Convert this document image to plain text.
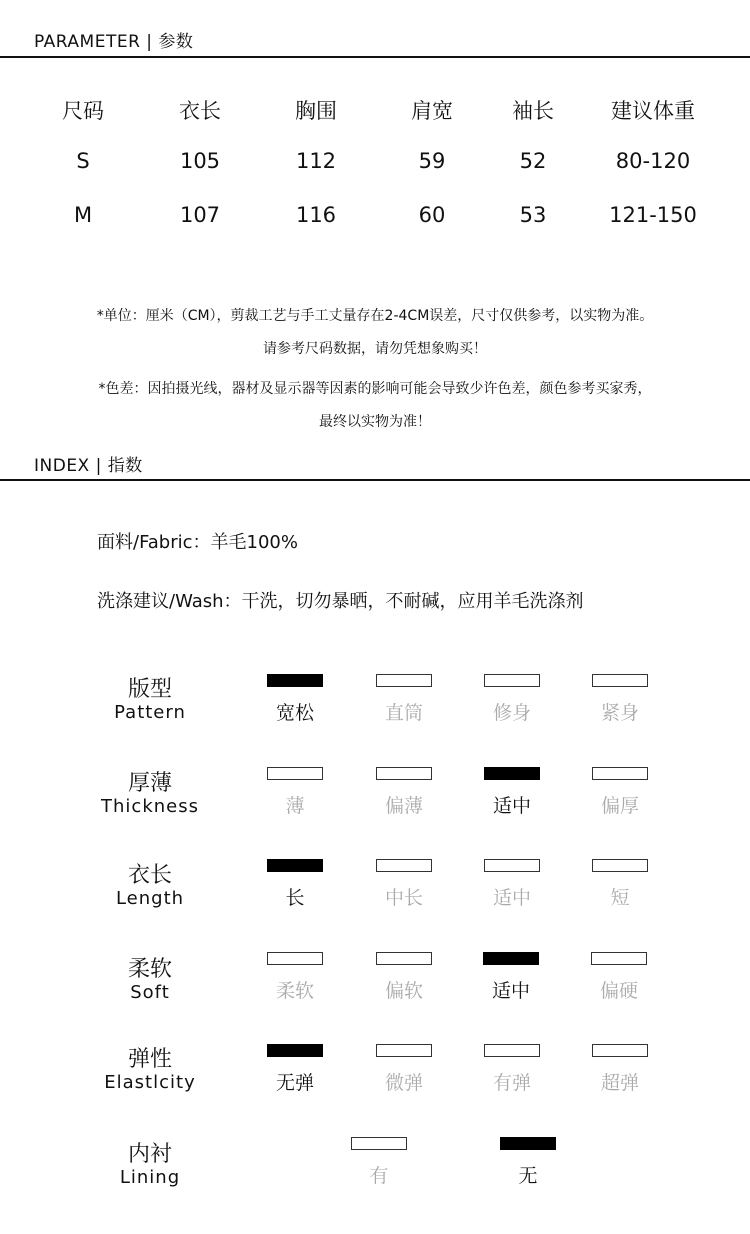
PARAMETER | 参数
尺码	衣长	胸围	肩宽	袖长	建议体重
S	105	112	59	52	80-120
M	107	116	60	53	121-150
*单位：厘米（CM），剪裁工艺与手工丈量存在2-4CM误差，尺寸仅供参考，以实物为准。
请参考尺码数据，请勿凭想象购买！
*色差：因拍摄光线，器材及显示器等因素的影响可能会导致少许色差，颜色参考买家秀，
最终以实物为准！
INDEX | 指数
面料/Fabric：羊毛100%
洗涤建议/Wash：干洗，切勿暴晒，不耐碱，应用羊毛洗涤剂
版型
Pattern	宽松	直筒	修身	紧身
厚薄
Thickness	薄	偏薄	适中	偏厚
衣长
Length	长	中长	适中	短
柔软
Soft	柔软	偏软	适中	偏硬
弹性
Elastlcity	无弹	微弹	有弹	超弹
内衬
Lining	有	无
